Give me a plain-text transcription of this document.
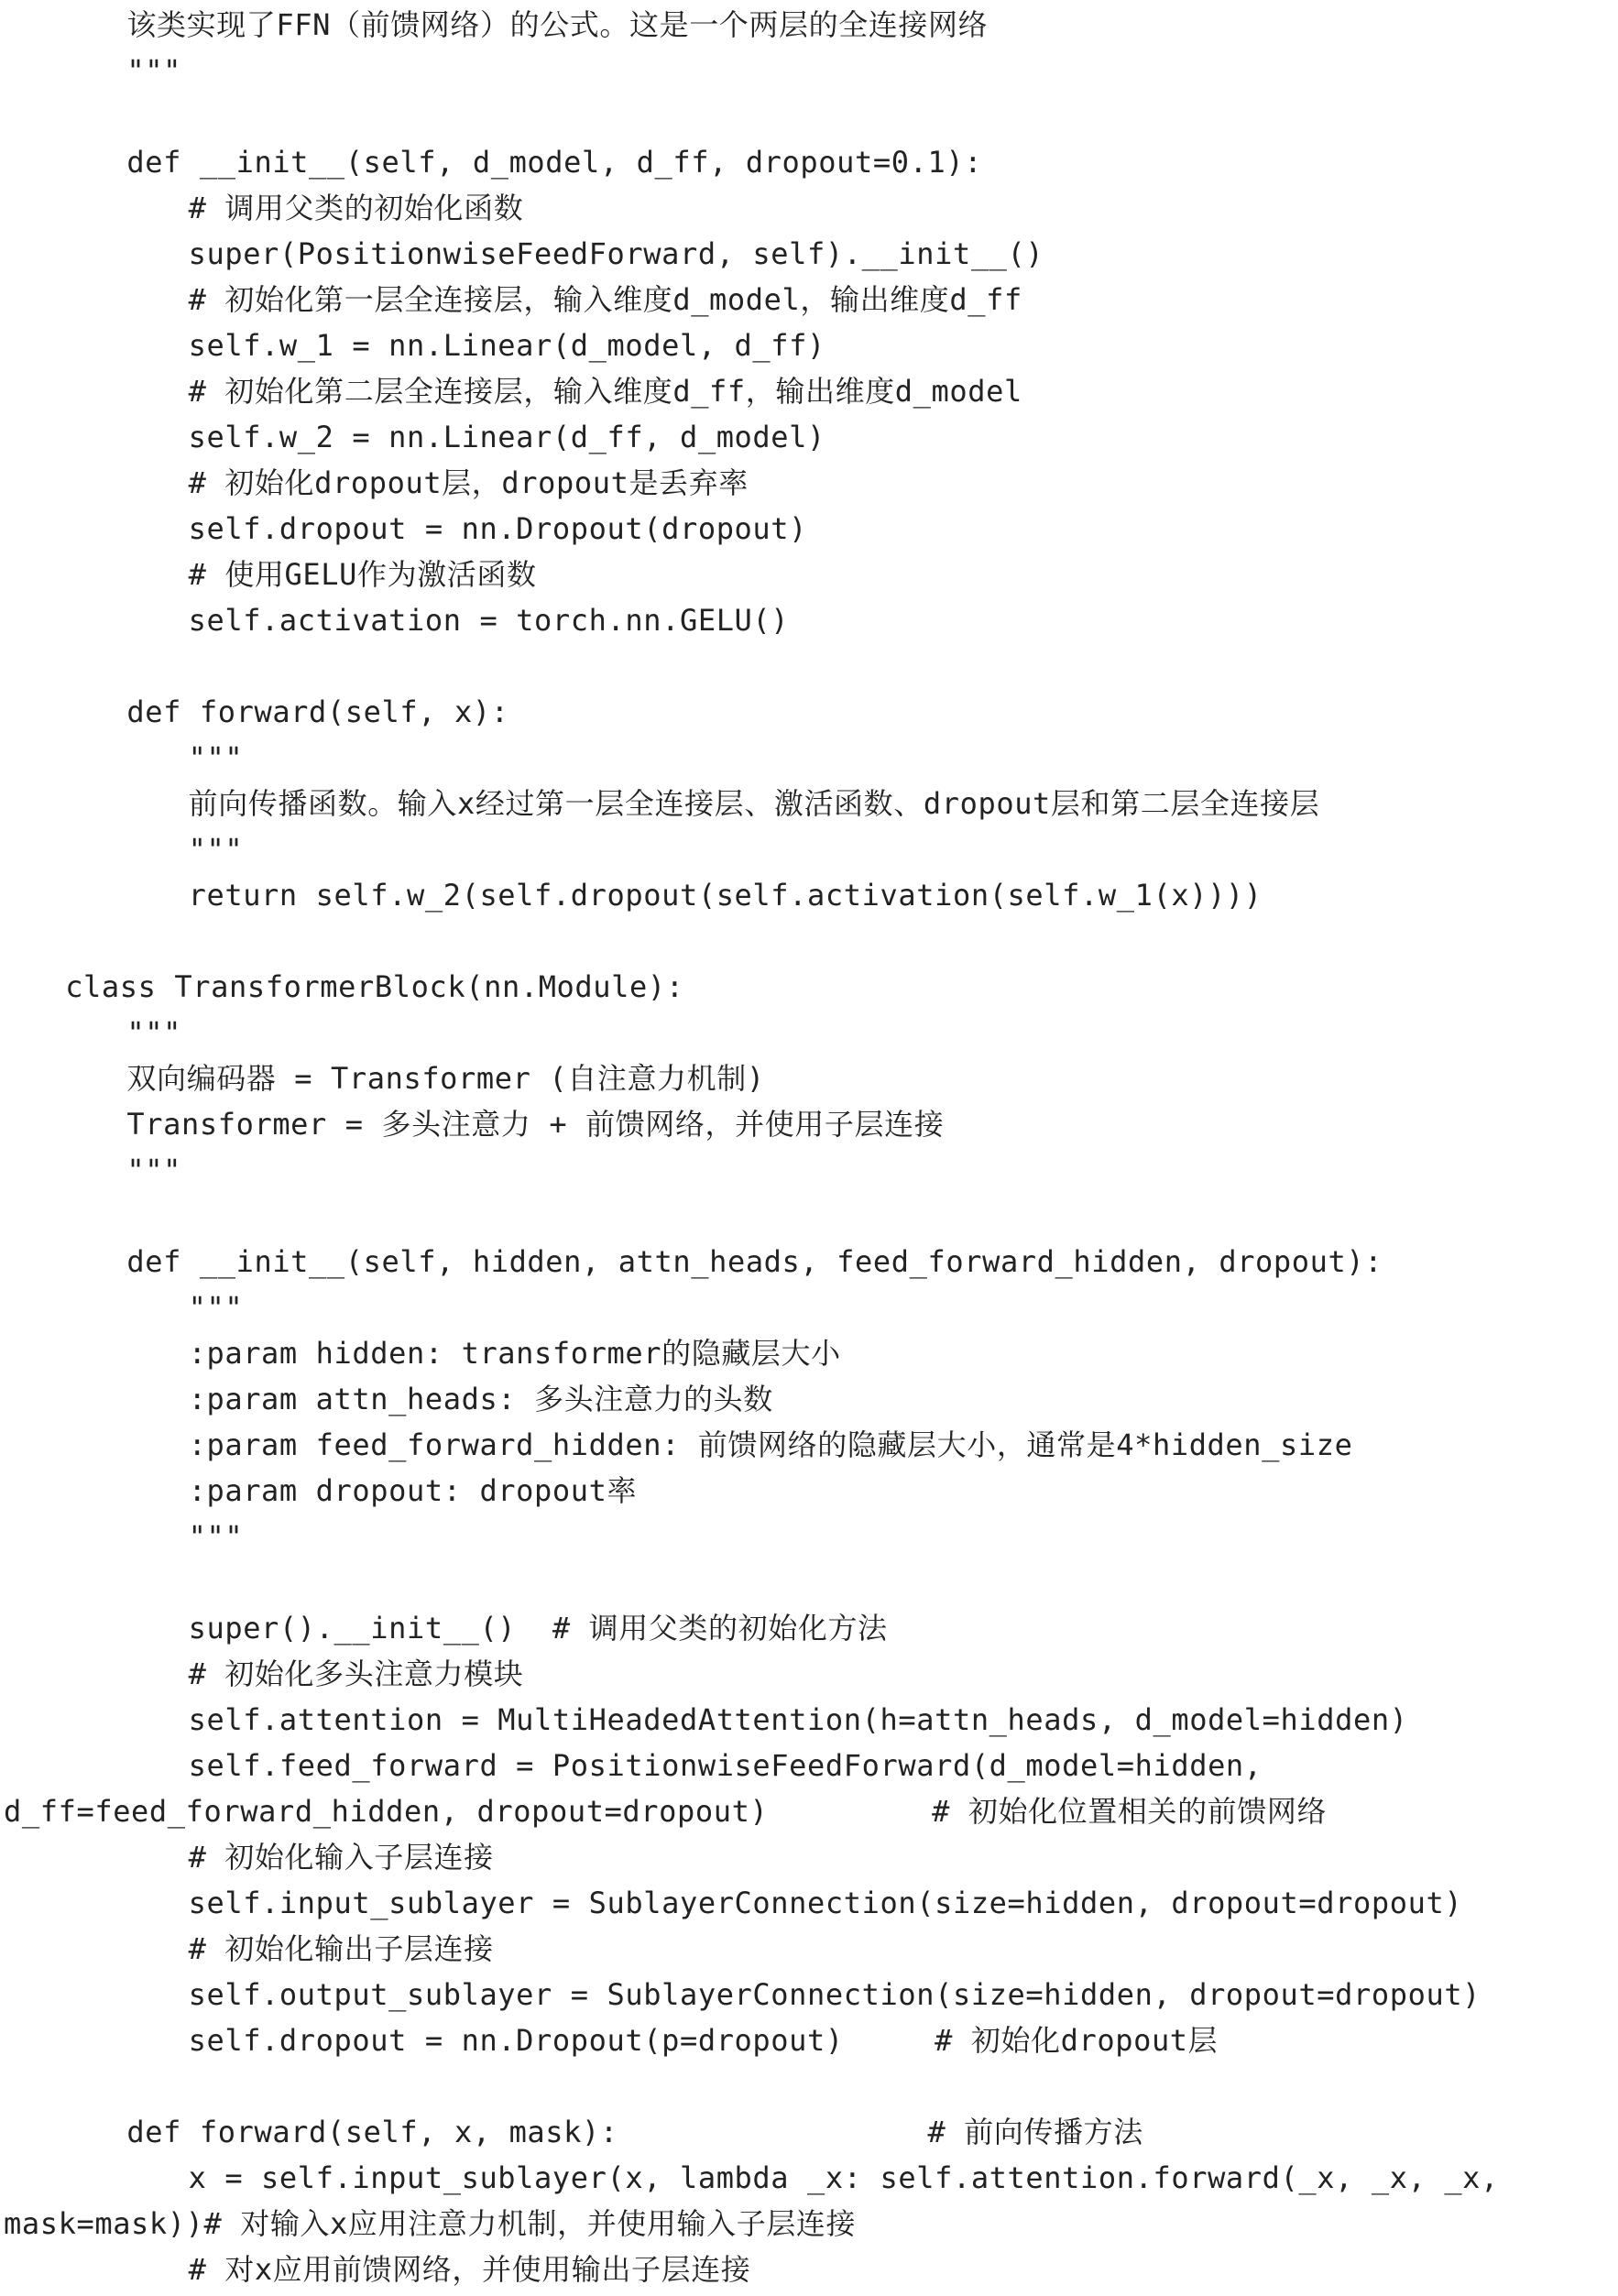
该类实现了FFN（前馈网络）的公式。这是一个两层的全连接网络
"""
def __init__(self, d_model, d_ff, dropout=0.1):
# 调用父类的初始化函数
super(PositionwiseFeedForward, self).__init__()
# 初始化第一层全连接层，输入维度d_model，输出维度d_ff
self.w_1 = nn.Linear(d_model, d_ff)
# 初始化第二层全连接层，输入维度d_ff，输出维度d_model
self.w_2 = nn.Linear(d_ff, d_model)
# 初始化dropout层，dropout是丢弃率
self.dropout = nn.Dropout(dropout)
# 使用GELU作为激活函数
self.activation = torch.nn.GELU()
def forward(self, x):
"""
前向传播函数。输入x经过第一层全连接层、激活函数、dropout层和第二层全连接层
"""
return self.w_2(self.dropout(self.activation(self.w_1(x))))
class TransformerBlock(nn.Module):
"""
双向编码器 = Transformer (自注意力机制)
Transformer = 多头注意力 + 前馈网络，并使用子层连接
"""
def __init__(self, hidden, attn_heads, feed_forward_hidden, dropout):
"""
:param hidden: transformer的隐藏层大小
:param attn_heads: 多头注意力的头数
:param feed_forward_hidden: 前馈网络的隐藏层大小，通常是4*hidden_size
:param dropout: dropout率
"""
super().__init__()  # 调用父类的初始化方法
# 初始化多头注意力模块
self.attention = MultiHeadedAttention(h=attn_heads, d_model=hidden)
self.feed_forward = PositionwiseFeedForward(d_model=hidden,
d_ff=feed_forward_hidden, dropout=dropout)         # 初始化位置相关的前馈网络
# 初始化输入子层连接
self.input_sublayer = SublayerConnection(size=hidden, dropout=dropout)
# 初始化输出子层连接
self.output_sublayer = SublayerConnection(size=hidden, dropout=dropout)
self.dropout = nn.Dropout(p=dropout)     # 初始化dropout层
def forward(self, x, mask):                 # 前向传播方法
x = self.input_sublayer(x, lambda _x: self.attention.forward(_x, _x, _x,
mask=mask))# 对输入x应用注意力机制，并使用输入子层连接
# 对x应用前馈网络，并使用输出子层连接
